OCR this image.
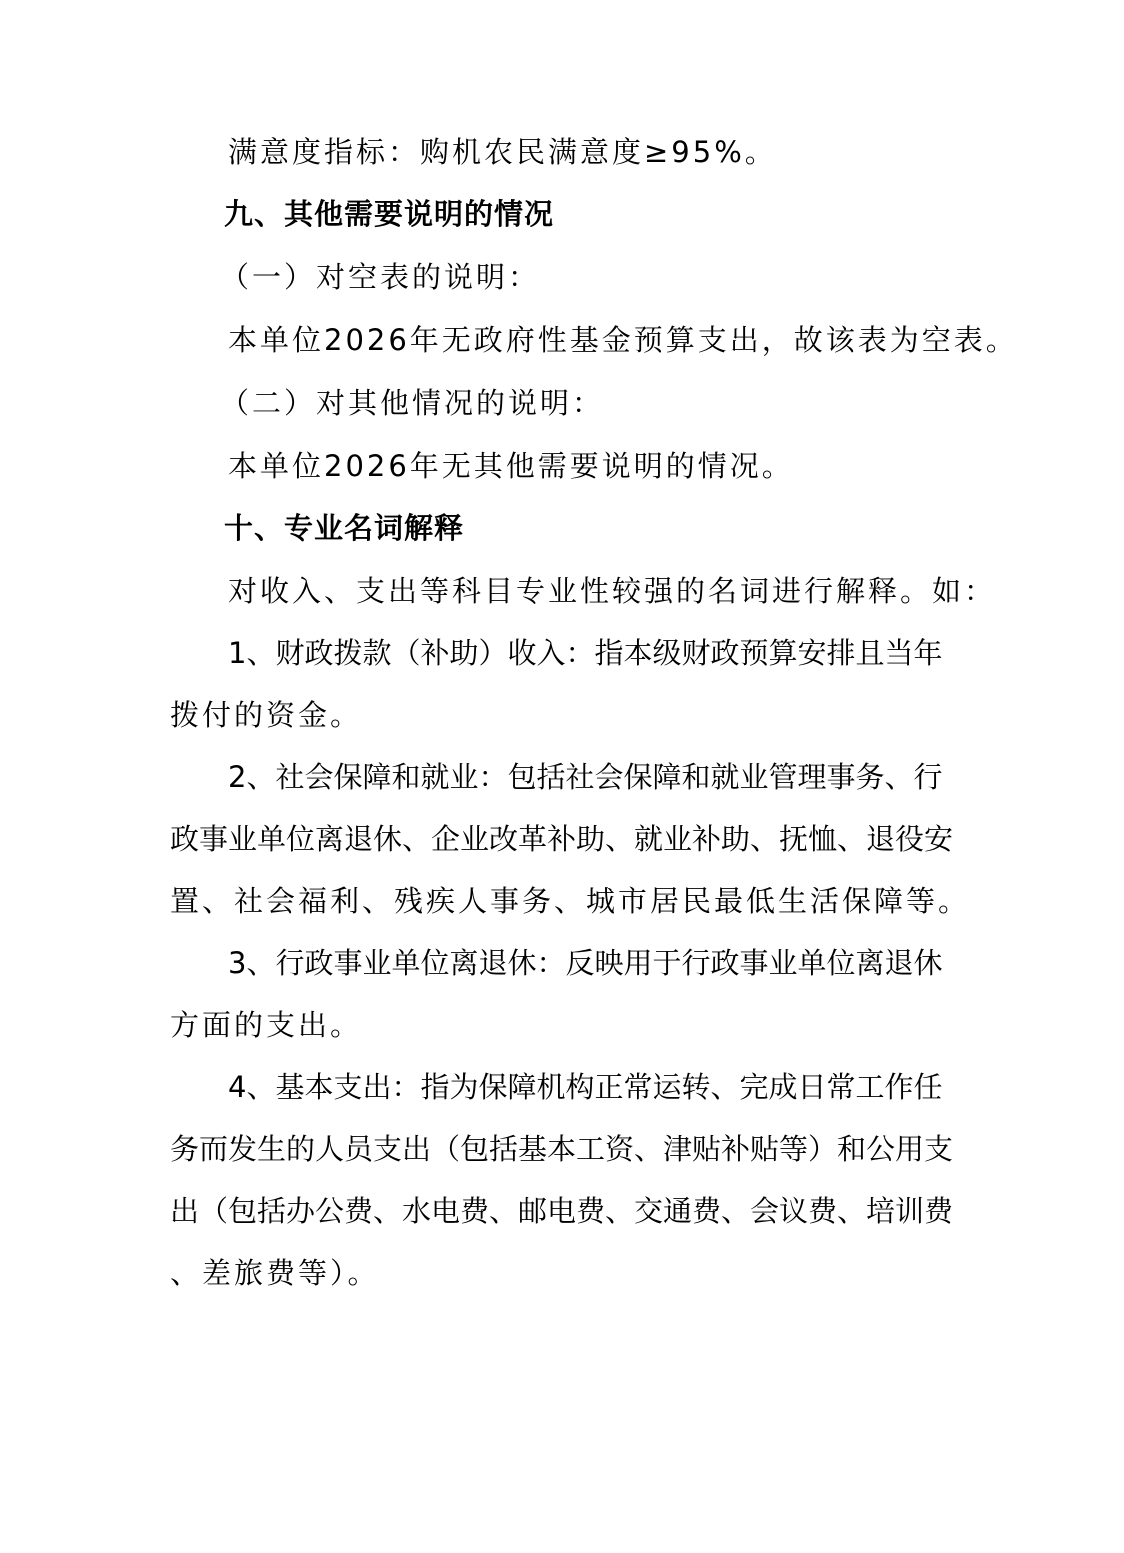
满意度指标：购机农民满意度≥95%。
九、其他需要说明的情况
（一）对空表的说明：
本单位2026年无政府性基金预算支出，故该表为空表。
（二）对其他情况的说明：
本单位2026年无其他需要说明的情况。
十、专业名词解释
对收入、支出等科目专业性较强的名词进行解释。如：
1、财政拨款（补助）收入：指本级财政预算安排且当年
拨付的资金。
2、社会保障和就业：包括社会保障和就业管理事务、行
政事业单位离退休、企业改革补助、就业补助、抚恤、退役安
置、社会福利、残疾人事务、城市居民最低生活保障等。
3、行政事业单位离退休：反映用于行政事业单位离退休
方面的支出。
4、基本支出：指为保障机构正常运转、完成日常工作任
务而发生的人员支出（包括基本工资、津贴补贴等）和公用支
出（包括办公费、水电费、邮电费、交通费、会议费、培训费
、差旅费等）。
